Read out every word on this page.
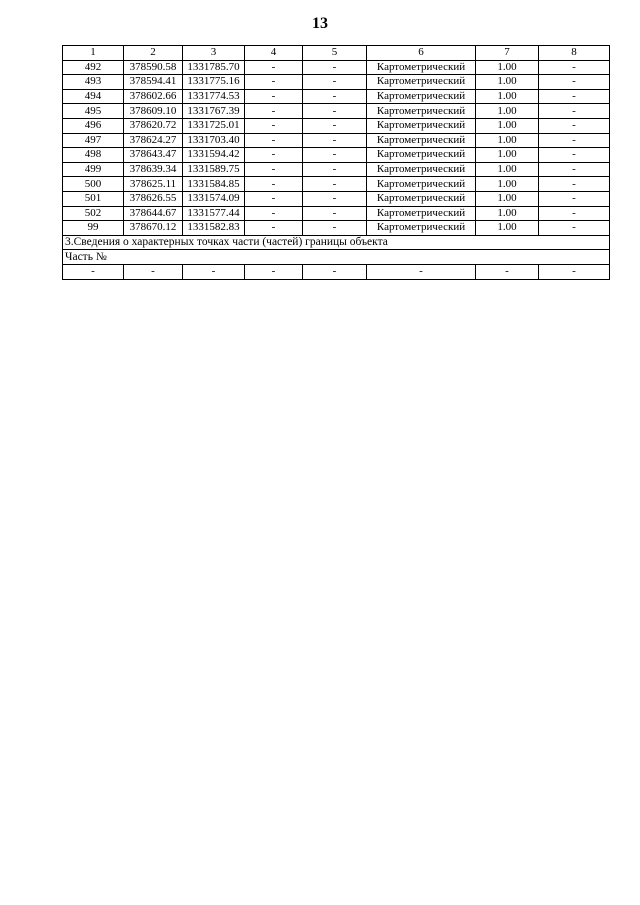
13
1	2	3	4	5	6	7	8
492	378590.58	1331785.70	-	-	Картометрический	1.00	-
493	378594.41	1331775.16	-	-	Картометрический	1.00	-
494	378602.66	1331774.53	-	-	Картометрический	1.00	-
495	378609.10	1331767.39	-	-	Картометрический	1.00	-
496	378620.72	1331725.01	-	-	Картометрический	1.00	-
497	378624.27	1331703.40	-	-	Картометрический	1.00	-
498	378643.47	1331594.42	-	-	Картометрический	1.00	-
499	378639.34	1331589.75	-	-	Картометрический	1.00	-
500	378625.11	1331584.85	-	-	Картометрический	1.00	-
501	378626.55	1331574.09	-	-	Картометрический	1.00	-
502	378644.67	1331577.44	-	-	Картометрический	1.00	-
99	378670.12	1331582.83	-	-	Картометрический	1.00	-
3.Сведения о характерных точках части (частей) границы объекта							
Часть №							
-	-	-	-	-	-	-	-
